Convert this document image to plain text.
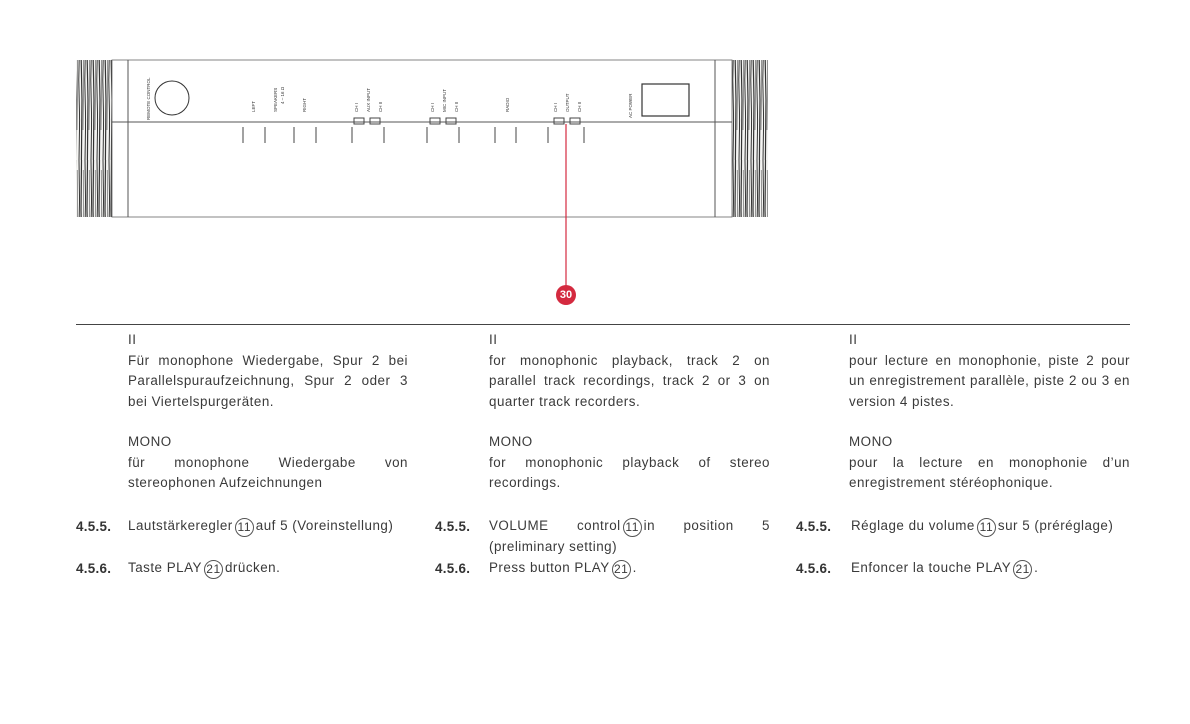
REMOTE CONTROL	LEFT	SPEAKERS 4 – 16 Ω
RIGHT	CH I AUX INPUT CH II	CH I MIC INPUT CH II	RADIO	CH I OUTPUT CH II	AC POWER
30

II

Für monophone Wiedergabe, Spur 2 bei Parallelspuraufzeichnung, Spur 2 oder 3 bei Viertelspurgeräten.

MONO

für monophone Wiedergabe von stereophonen Aufzeichnungen

II

for monophonic playback, track 2 on parallel track recordings, track 2 or 3 on quarter track recorders.

MONO

for monophonic playback of stereo recordings.

II

pour lecture en monophonie, piste 2 pour un enregistrement parallèle, piste 2 ou 3 en version 4 pistes.

MONO

pour la lecture en monophonie d’un enregistrement stéréophonique.

4.5.5. Lautstärkeregler 11 auf 5 (Voreinstellung)
4.5.6. Taste PLAY 21 drücken.
4.5.5. VOLUME control 11 in position 5 (preliminary setting)
4.5.6. Press button PLAY 21 .
4.5.5. Réglage du volume 11 sur 5 (préréglage)
4.5.6. Enfoncer la touche PLAY 21 .
